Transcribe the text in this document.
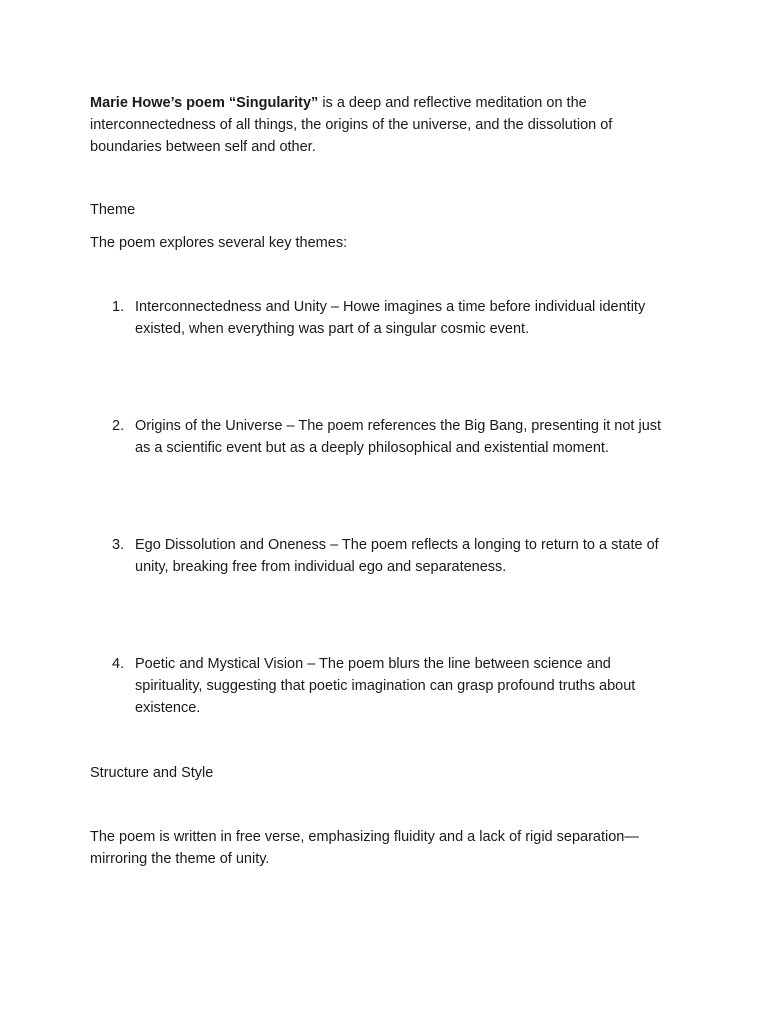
Marie Howe’s poem “Singularity” is a deep and reflective meditation on the interconnectedness of all things, the origins of the universe, and the dissolution of boundaries between self and other.

Theme

The poem explores several key themes:

1. Interconnectedness and Unity – Howe imagines a time before individual identity existed, when everything was part of a singular cosmic event.
2. Origins of the Universe – The poem references the Big Bang, presenting it not just as a scientific event but as a deeply philosophical and existential moment.
3. Ego Dissolution and Oneness – The poem reflects a longing to return to a state of unity, breaking free from individual ego and separateness.
4. Poetic and Mystical Vision – The poem blurs the line between science and spirituality, suggesting that poetic imagination can grasp profound truths about existence.

Structure and Style

The poem is written in free verse, emphasizing fluidity and a lack of rigid separation—mirroring the theme of unity.
